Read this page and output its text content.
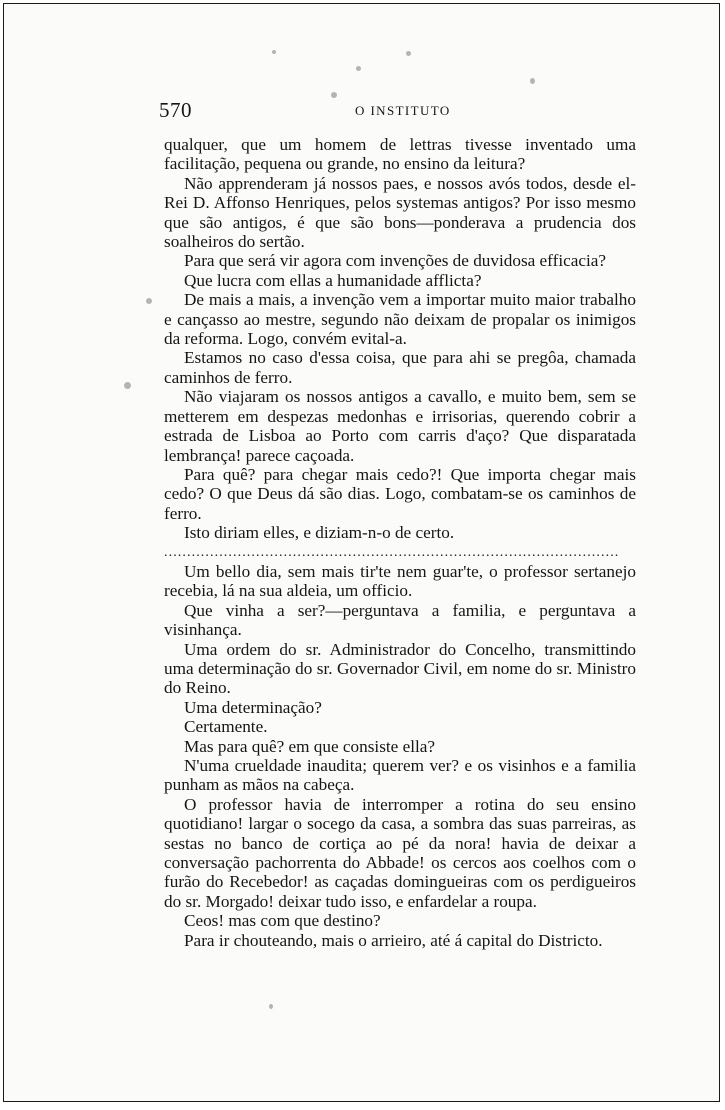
570	O INSTITUTO

qualquer, que um homem de lettras tivesse inventado uma facilitação, pequena ou grande, no ensino da leitura?

Não apprenderam já nossos paes, e nossos avós todos, desde el-Rei D. Affonso Henriques, pelos systemas antigos? Por isso mesmo que são antigos, é que são bons—ponderava a prudencia dos soalheiros do sertão.

Para que será vir agora com invenções de duvidosa efficacia?

Que lucra com ellas a humanidade afflicta?

De mais a mais, a invenção vem a importar muito maior trabalho e cançasso ao mestre, segundo não deixam de propalar os inimigos da reforma. Logo, convém evital-a.

Estamos no caso d'essa coisa, que para ahi se pregôa, chamada caminhos de ferro.

Não viajaram os nossos antigos a cavallo, e muito bem, sem se metterem em despezas medonhas e irrisorias, querendo cobrir a estrada de Lisboa ao Porto com carris d'aço? Que disparatada lembrança! parece caçoada.

Para quê? para chegar mais cedo?! Que importa chegar mais cedo? O que Deus dá são dias. Logo, combatam-se os caminhos de ferro.

Isto diriam elles, e diziam-n-o de certo.

...................................................................................................

Um bello dia, sem mais tir'te nem guar'te, o professor sertanejo recebia, lá na sua aldeia, um officio.

Que vinha a ser?—perguntava a familia, e perguntava a visinhança.

Uma ordem do sr. Administrador do Concelho, transmittindo uma determinação do sr. Governador Civil, em nome do sr. Ministro do Reino.

Uma determinação?

Certamente.

Mas para quê? em que consiste ella?

N'uma crueldade inaudita; querem ver? e os visinhos e a familia punham as mãos na cabeça.

O professor havia de interromper a rotina do seu ensino quotidiano! largar o socego da casa, a sombra das suas parreiras, as sestas no banco de cortiça ao pé da nora! havia de deixar a conversação pachorrenta do Abbade! os cercos aos coelhos com o furão do Recebedor! as caçadas domingueiras com os perdigueiros do sr. Morgado! deixar tudo isso, e enfardelar a roupa.

Ceos! mas com que destino?

Para ir chouteando, mais o arrieiro, até á capital do Districto.
